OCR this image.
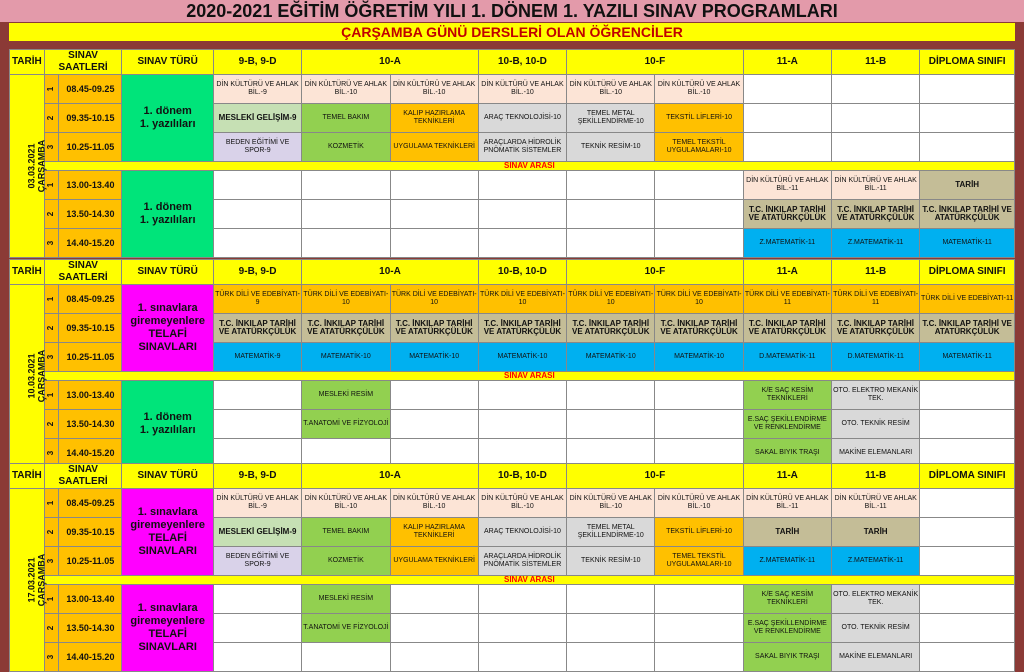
2020-2021 EĞİTİM ÖĞRETİM YILI 1. DÖNEM 1. YAZILI SINAV PROGRAMLARI
ÇARŞAMBA GÜNÜ DERSLERİ OLAN ÖĞRENCİLER
TARİH	SINAV SAATLERİ		SINAV TÜRÜ	9-B, 9-D	10-A		10-B, 10-D	10-F		11-A	11-B	DİPLOMA SINIFI
03.03.2021
ÇARŞAMBA	1	08.45-09.25	1. dönem
1. yazılıları	DİN KÜLTÜRÜ VE AHLAK BİL.-9	DİN KÜLTÜRÜ VE AHLAK BİL.-10	DİN KÜLTÜRÜ VE AHLAK BİL.-10	DİN KÜLTÜRÜ VE AHLAK BİL.-10	DİN KÜLTÜRÜ VE AHLAK BİL.-10	DİN KÜLTÜRÜ VE AHLAK BİL.-10			
	2	09.35-10.15		MESLEKİ GELİŞİM-9	TEMEL BAKIM	KALIP HAZIRLAMA TEKNİKLERİ	ARAÇ TEKNOLOJİSİ-10	TEMEL METAL ŞEKİLLENDİRME-10	TEKSTİL LİFLERİ-10			
	3	10.25-11.05		BEDEN EĞİTİMİ VE SPOR-9	KOZMETİK	UYGULAMA TEKNİKLERİ	ARAÇLARDA HİDROLİK PNÖMATİK SİSTEMLER	TEKNİK RESİM-10	TEMEL TEKSTİL UYGULAMALARI-10			
	SINAV ARASI											
	1	13.00-13.40	1. dönem
1. yazılıları							DİN KÜLTÜRÜ VE AHLAK BİL.-11	DİN KÜLTÜRÜ VE AHLAK BİL.-11	TARİH
	2	13.50-14.30								T.C. İNKILAP TARİHİ VE ATATÜRKÇÜLÜK	T.C. İNKILAP TARİHİ VE ATATÜRKÇÜLÜK	T.C. İNKILAP TARİHİ VE ATATÜRKÇÜLÜK
	3	14.40-15.20								Z.MATEMATİK-11	Z.MATEMATİK-11	MATEMATİK-11
TARİH	SINAV SAATLERİ		SINAV TÜRÜ	9-B, 9-D	10-A		10-B, 10-D	10-F		11-A	11-B	DİPLOMA SINIFI
10.03.2021
ÇARŞAMBA	1	08.45-09.25	1. sınavlara
giremeyenlere
TELAFİ
SINAVLARI	TÜRK DİLİ VE EDEBİYATI-9	TÜRK DİLİ VE EDEBİYATI-10	TÜRK DİLİ VE EDEBİYATI-10	TÜRK DİLİ VE EDEBİYATI-10	TÜRK DİLİ VE EDEBİYATI-10	TÜRK DİLİ VE EDEBİYATI-10	TÜRK DİLİ VE EDEBİYATI-11	TÜRK DİLİ VE EDEBİYATI-11	TÜRK DİLİ VE EDEBİYATI-11
	2	09.35-10.15		T.C. İNKILAP TARİHİ VE ATATÜRKÇÜLÜK	T.C. İNKILAP TARİHİ VE ATATÜRKÇÜLÜK	T.C. İNKILAP TARİHİ VE ATATÜRKÇÜLÜK	T.C. İNKILAP TARİHİ VE ATATÜRKÇÜLÜK	T.C. İNKILAP TARİHİ VE ATATÜRKÇÜLÜK	T.C. İNKILAP TARİHİ VE ATATÜRKÇÜLÜK	T.C. İNKILAP TARİHİ VE ATATÜRKÇÜLÜK	T.C. İNKILAP TARİHİ VE ATATÜRKÇÜLÜK	T.C. İNKILAP TARİHİ VE ATATÜRKÇÜLÜK
	3	10.25-11.05		MATEMATİK-9	MATEMATİK-10	MATEMATİK-10	MATEMATİK-10	MATEMATİK-10	MATEMATİK-10	D.MATEMATİK-11	D.MATEMATİK-11	MATEMATİK-11
	SINAV ARASI											
	1	13.00-13.40	1. dönem
1. yazılıları		MESLEKİ RESİM					K/E SAÇ KESİM TEKNİKLERİ	OTO. ELEKTRO MEKANİK TEK.	
	2	13.50-14.30			T.ANATOMİ VE FİZYOLOJİ					E.SAÇ ŞEKİLLENDİRME VE RENKLENDİRME	OTO. TEKNİK RESİM	
	3	14.40-15.20								SAKAL BIYIK TRAŞI	MAKİNE ELEMANLARI	
TARİH	SINAV SAATLERİ		SINAV TÜRÜ	9-B, 9-D	10-A		10-B, 10-D	10-F		11-A	11-B	DİPLOMA SINIFI
17.03.2021
ÇARŞAMBA	1	08.45-09.25	1. sınavlara
giremeyenlere
TELAFİ
SINAVLARI	DİN KÜLTÜRÜ VE AHLAK BİL.-9	DİN KÜLTÜRÜ VE AHLAK BİL.-10	DİN KÜLTÜRÜ VE AHLAK BİL.-10	DİN KÜLTÜRÜ VE AHLAK BİL.-10	DİN KÜLTÜRÜ VE AHLAK BİL.-10	DİN KÜLTÜRÜ VE AHLAK BİL.-10	DİN KÜLTÜRÜ VE AHLAK BİL.-11	DİN KÜLTÜRÜ VE AHLAK BİL.-11	
	2	09.35-10.15		MESLEKİ GELİŞİM-9	TEMEL BAKIM	KALIP HAZIRLAMA TEKNİKLERİ	ARAÇ TEKNOLOJİSİ-10	TEMEL METAL ŞEKİLLENDİRME-10	TEKSTİL LİFLERİ-10	TARİH	TARİH	
	3	10.25-11.05		BEDEN EĞİTİMİ VE SPOR-9	KOZMETİK	UYGULAMA TEKNİKLERİ	ARAÇLARDA HİDROLİK PNÖMATİK SİSTEMLER	TEKNİK RESİM-10	TEMEL TEKSTİL UYGULAMALARI-10	Z.MATEMATİK-11	Z.MATEMATİK-11	
	SINAV ARASI											
	1	13.00-13.40	1. sınavlara
giremeyenlere
TELAFİ
SINAVLARI		MESLEKİ RESİM					K/E SAÇ KESİM TEKNİKLERİ	OTO. ELEKTRO MEKANİK TEK.	
	2	13.50-14.30			T.ANATOMİ VE FİZYOLOJİ					E.SAÇ ŞEKİLLENDİRME VE RENKLENDİRME	OTO. TEKNİK RESİM	
	3	14.40-15.20								SAKAL BIYIK TRAŞI	MAKİNE ELEMANLARI	
